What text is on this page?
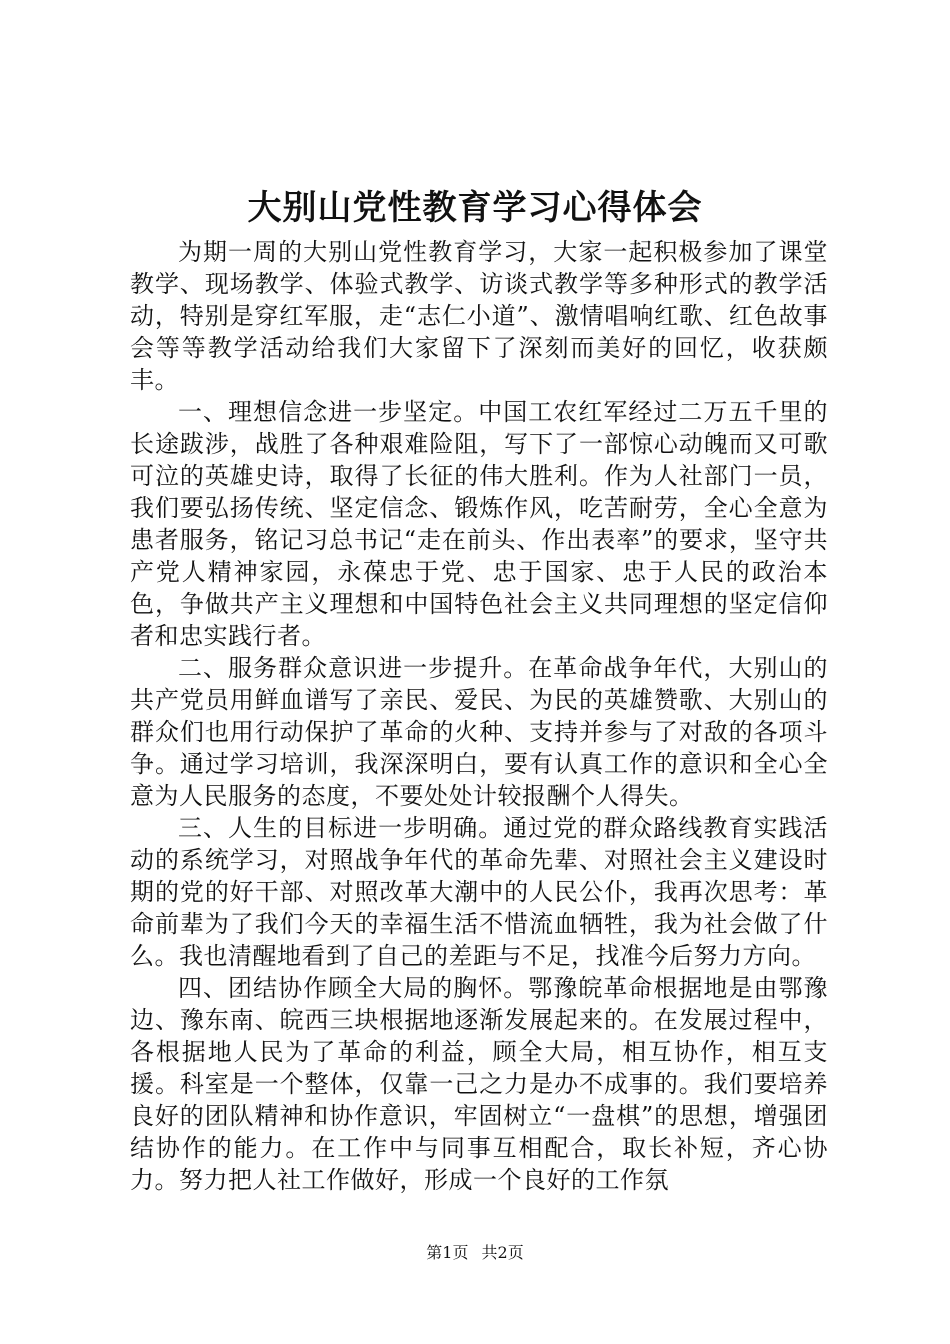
大别山党性教育学习心得体会

为期一周的大别山党性教育学习，大家一起积极参加了课堂教学、现场教学、体验式教学、访谈式教学等多种形式的教学活动，特别是穿红军服，走“志仁小道”、激情唱响红歌、红色故事会等等教学活动给我们大家留下了深刻而美好的回忆，收获颇丰。

一、理想信念进一步坚定。中国工农红军经过二万五千里的长途跋涉，战胜了各种艰难险阻，写下了一部惊心动魄而又可歌可泣的英雄史诗，取得了长征的伟大胜利。作为人社部门一员，我们要弘扬传统、坚定信念、锻炼作风，吃苦耐劳，全心全意为患者服务，铭记习总书记“走在前头、作出表率”的要求，坚守共产党人精神家园，永葆忠于党、忠于国家、忠于人民的政治本色，争做共产主义理想和中国特色社会主义共同理想的坚定信仰者和忠实践行者。

二、服务群众意识进一步提升。在革命战争年代，大别山的共产党员用鲜血谱写了亲民、爱民、为民的英雄赞歌、大别山的群众们也用行动保护了革命的火种、支持并参与了对敌的各项斗争。通过学习培训，我深深明白，要有认真工作的意识和全心全意为人民服务的态度，不要处处计较报酬个人得失。

三、人生的目标进一步明确。通过党的群众路线教育实践活动的系统学习，对照战争年代的革命先辈、对照社会主义建设时期的党的好干部、对照改革大潮中的人民公仆，我再次思考：革命前辈为了我们今天的幸福生活不惜流血牺牲，我为社会做了什么。我也清醒地看到了自己的差距与不足，找准今后努力方向。

四、团结协作顾全大局的胸怀。鄂豫皖革命根据地是由鄂豫边、豫东南、皖西三块根据地逐渐发展起来的。在发展过程中，各根据地人民为了革命的利益，顾全大局，相互协作，相互支援。科室是一个整体，仅靠一己之力是办不成事的。我们要培养良好的团队精神和协作意识，牢固树立“一盘棋”的思想，增强团结协作的能力。在工作中与同事互相配合，取长补短，齐心协力。努力把人社工作做好，形成一个良好的工作氛

第1页 共2页
